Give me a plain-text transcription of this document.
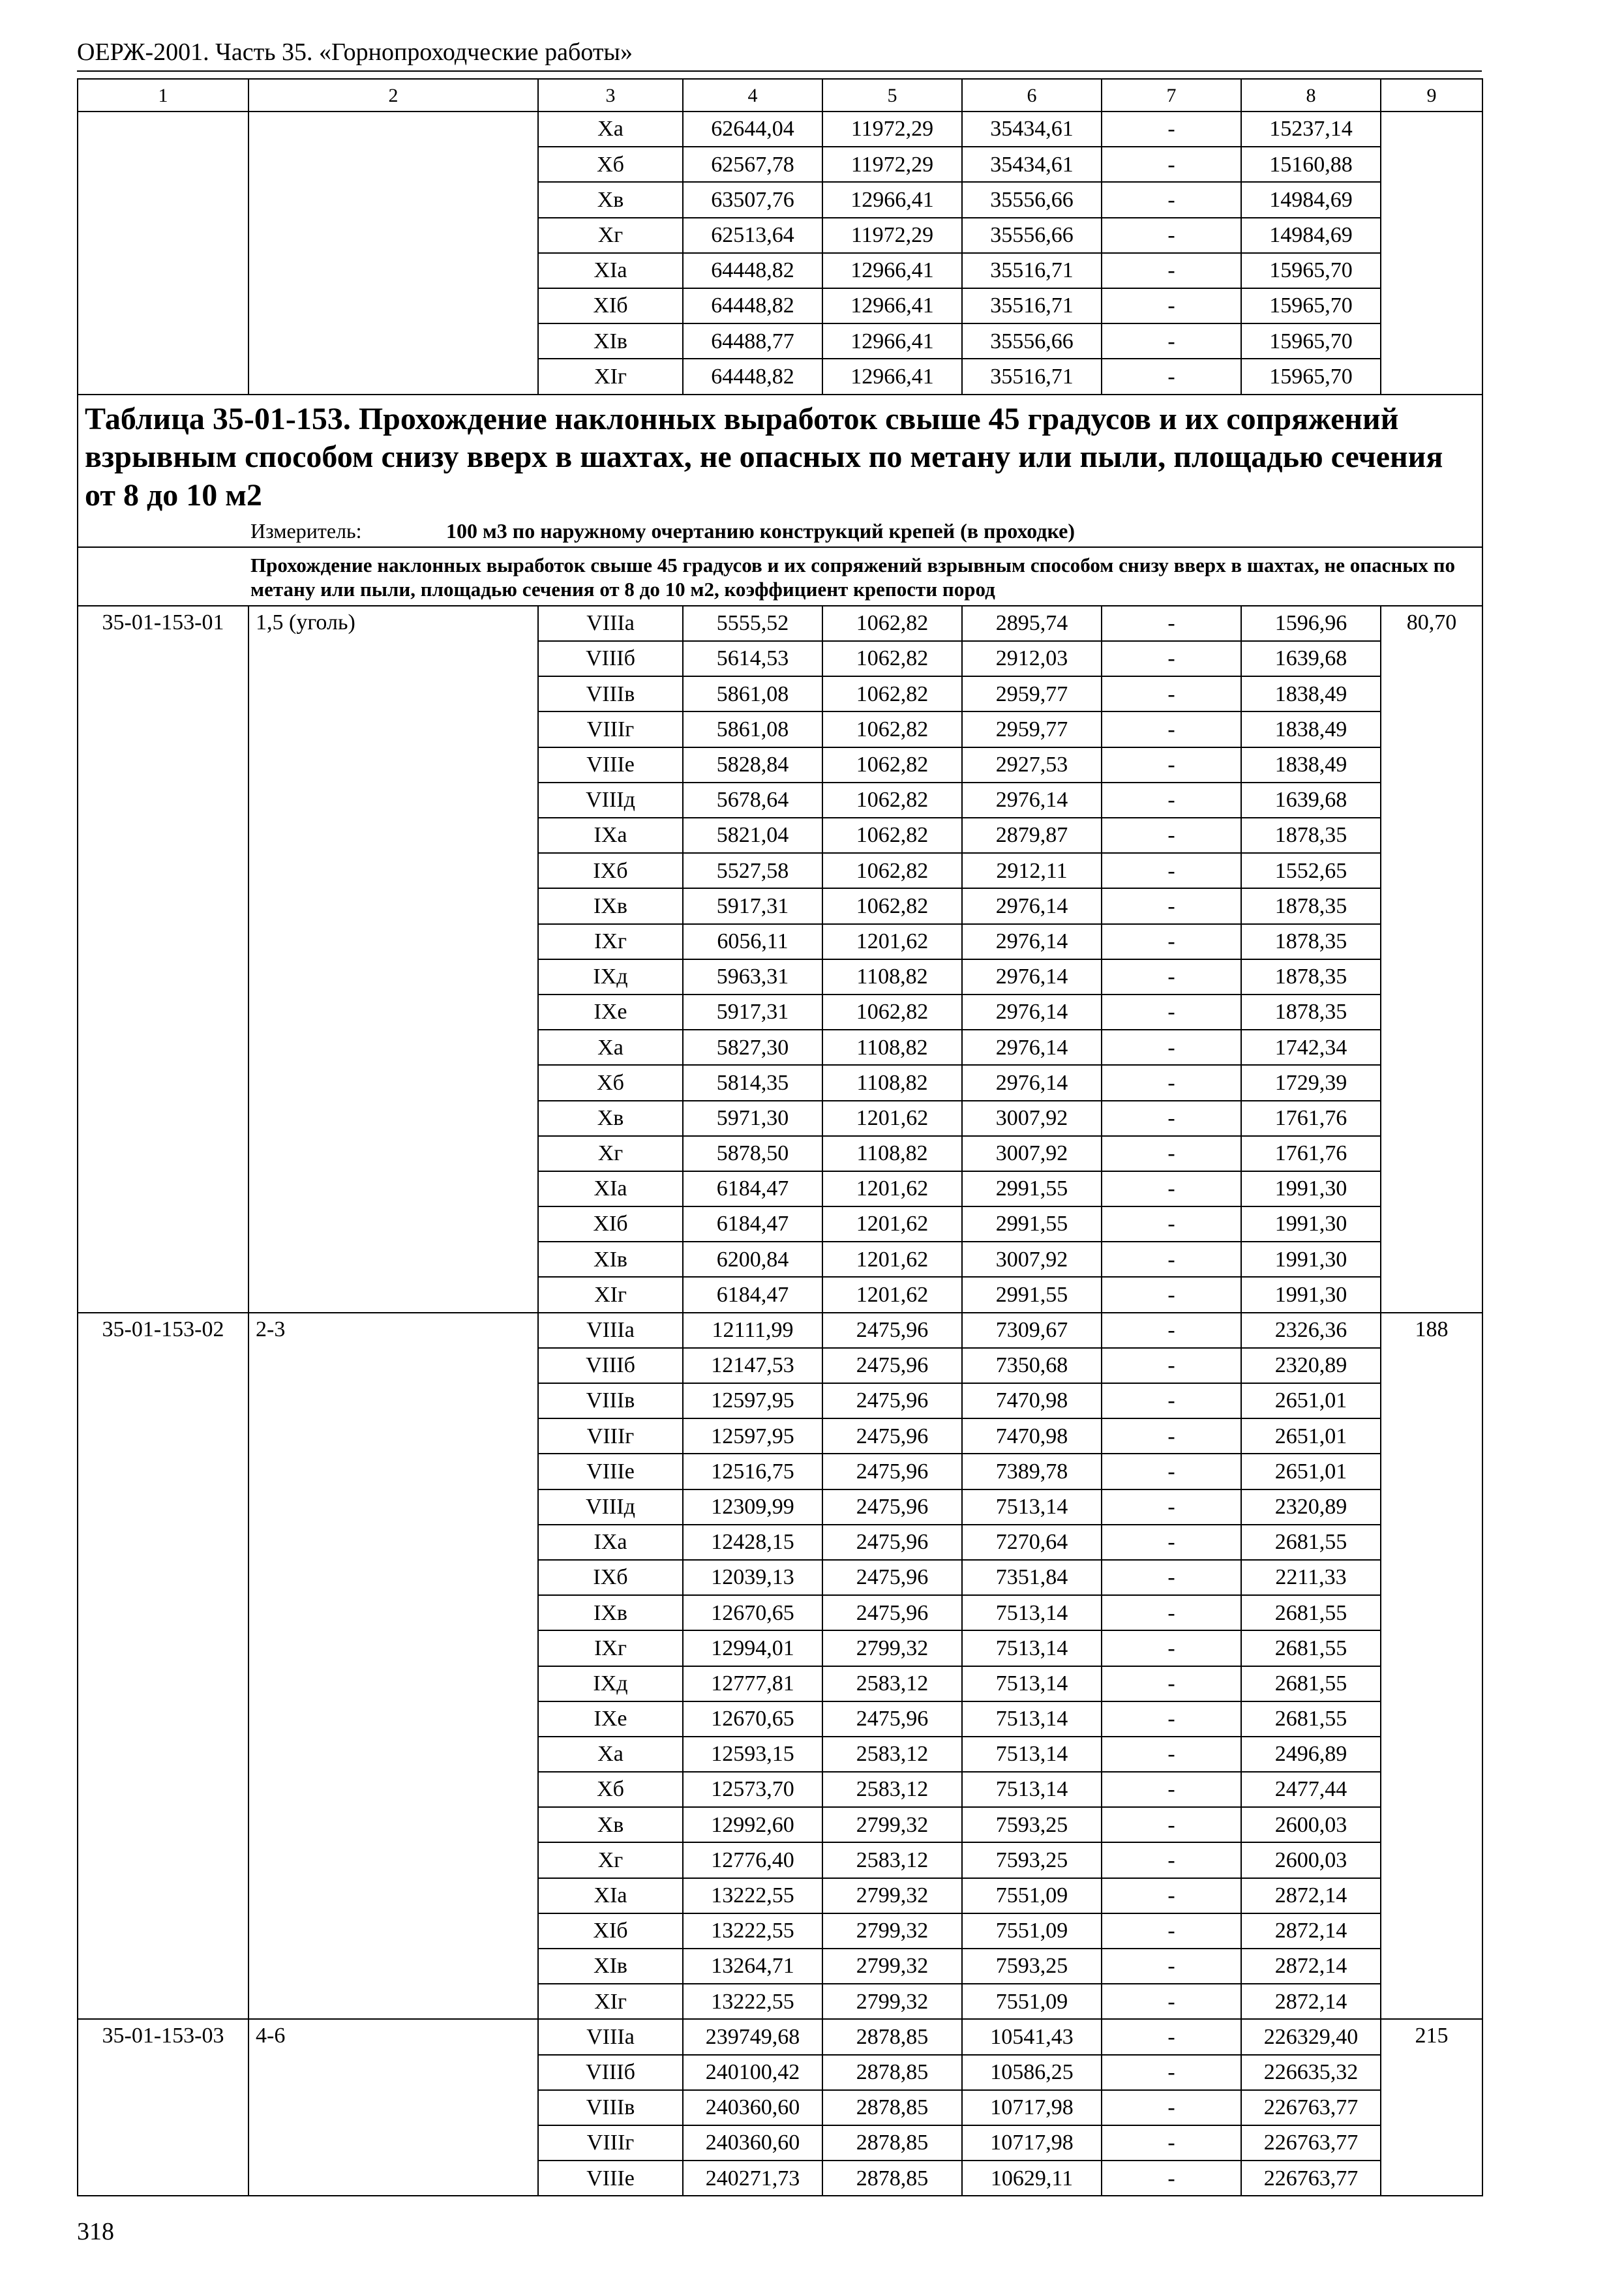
ОЕРЖ-2001. Часть 35. «Горнопроходческие работы»
1	2	3	4	5	6	7	8	9
		Xа	62644,04	11972,29	35434,61	-	15237,14	
		Xб	62567,78	11972,29	35434,61	-	15160,88	
		Xв	63507,76	12966,41	35556,66	-	14984,69	
		Xг	62513,64	11972,29	35556,66	-	14984,69	
		XIа	64448,82	12966,41	35516,71	-	15965,70	
		XIб	64448,82	12966,41	35516,71	-	15965,70	
		XIв	64488,77	12966,41	35556,66	-	15965,70	
		XIг	64448,82	12966,41	35516,71	-	15965,70	

Таблица 35-01-153. Прохождение наклонных выработок свыше 45 градусов и их сопряжений взрывным способом снизу вверх в шахтах, не опасных по метану или пыли, площадью сечения от 8 до 10 м2
Измеритель: 100 м3 по наружному очертанию конструкций крепей (в проходке)								

Прохождение наклонных выработок свыше 45 градусов и их сопряжений взрывным способом снизу вверх в шахтах, не опасных по метану или пыли, площадью сечения от 8 до 10 м2, коэффициент крепости пород								
35-01-153-01	1,5 (уголь)	VIIIа	5555,52	1062,82	2895,74	-	1596,96	80,70
		VIIIб	5614,53	1062,82	2912,03	-	1639,68	
		VIIIв	5861,08	1062,82	2959,77	-	1838,49	
		VIIIг	5861,08	1062,82	2959,77	-	1838,49	
		VIIIе	5828,84	1062,82	2927,53	-	1838,49	
		VIIIд	5678,64	1062,82	2976,14	-	1639,68	
		IXа	5821,04	1062,82	2879,87	-	1878,35	
		IXб	5527,58	1062,82	2912,11	-	1552,65	
		IXв	5917,31	1062,82	2976,14	-	1878,35	
		IXг	6056,11	1201,62	2976,14	-	1878,35	
		IXд	5963,31	1108,82	2976,14	-	1878,35	
		IXе	5917,31	1062,82	2976,14	-	1878,35	
		Xа	5827,30	1108,82	2976,14	-	1742,34	
		Xб	5814,35	1108,82	2976,14	-	1729,39	
		Xв	5971,30	1201,62	3007,92	-	1761,76	
		Xг	5878,50	1108,82	3007,92	-	1761,76	
		XIа	6184,47	1201,62	2991,55	-	1991,30	
		XIб	6184,47	1201,62	2991,55	-	1991,30	
		XIв	6200,84	1201,62	3007,92	-	1991,30	
		XIг	6184,47	1201,62	2991,55	-	1991,30	
35-01-153-02	2-3	VIIIа	12111,99	2475,96	7309,67	-	2326,36	188
		VIIIб	12147,53	2475,96	7350,68	-	2320,89	
		VIIIв	12597,95	2475,96	7470,98	-	2651,01	
		VIIIг	12597,95	2475,96	7470,98	-	2651,01	
		VIIIе	12516,75	2475,96	7389,78	-	2651,01	
		VIIIд	12309,99	2475,96	7513,14	-	2320,89	
		IXа	12428,15	2475,96	7270,64	-	2681,55	
		IXб	12039,13	2475,96	7351,84	-	2211,33	
		IXв	12670,65	2475,96	7513,14	-	2681,55	
		IXг	12994,01	2799,32	7513,14	-	2681,55	
		IXд	12777,81	2583,12	7513,14	-	2681,55	
		IXе	12670,65	2475,96	7513,14	-	2681,55	
		Xа	12593,15	2583,12	7513,14	-	2496,89	
		Xб	12573,70	2583,12	7513,14	-	2477,44	
		Xв	12992,60	2799,32	7593,25	-	2600,03	
		Xг	12776,40	2583,12	7593,25	-	2600,03	
		XIа	13222,55	2799,32	7551,09	-	2872,14	
		XIб	13222,55	2799,32	7551,09	-	2872,14	
		XIв	13264,71	2799,32	7593,25	-	2872,14	
		XIг	13222,55	2799,32	7551,09	-	2872,14	
35-01-153-03	4-6	VIIIа	239749,68	2878,85	10541,43	-	226329,40	215
		VIIIб	240100,42	2878,85	10586,25	-	226635,32	
		VIIIв	240360,60	2878,85	10717,98	-	226763,77	
		VIIIг	240360,60	2878,85	10717,98	-	226763,77	
		VIIIе	240271,73	2878,85	10629,11	-	226763,77	
318
